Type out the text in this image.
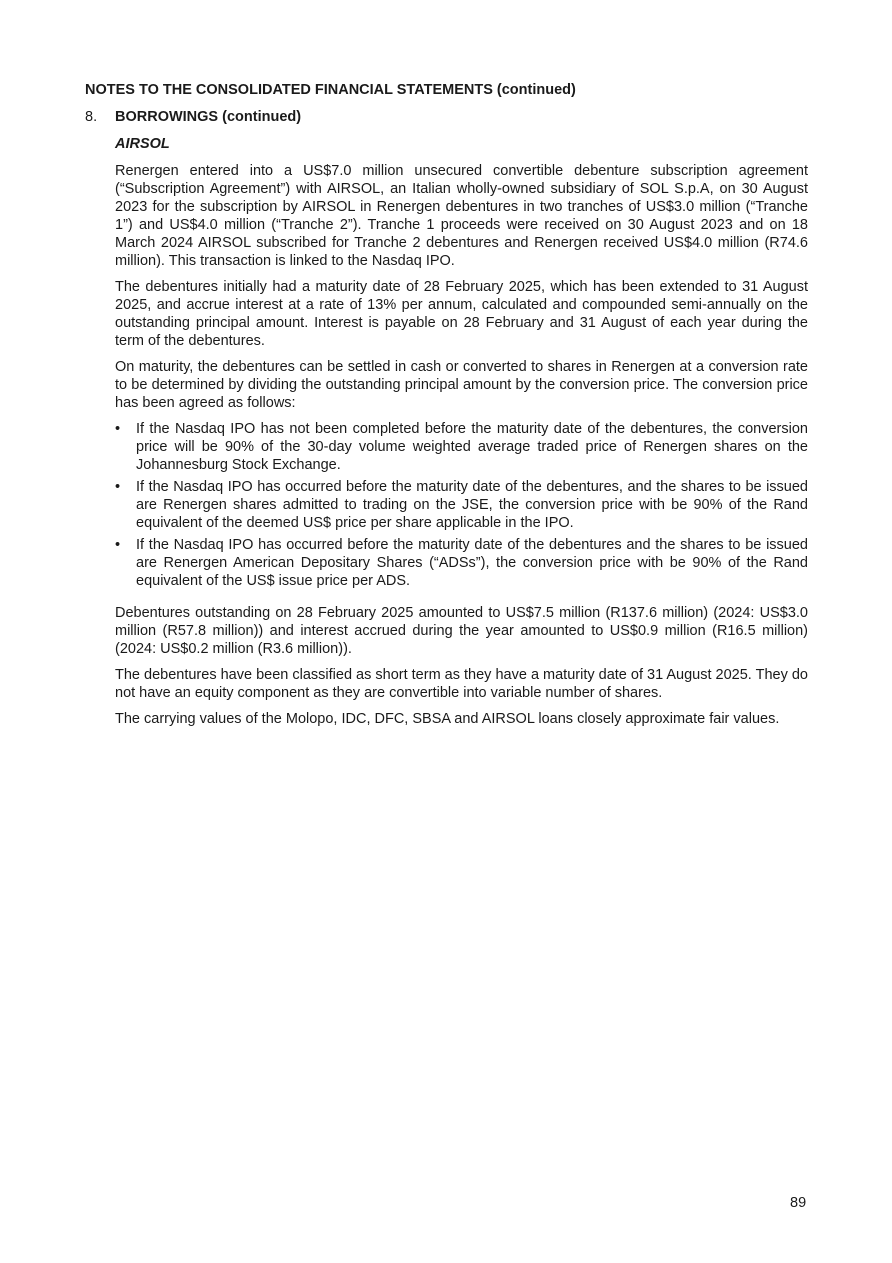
NOTES TO THE CONSOLIDATED FINANCIAL STATEMENTS (continued)
8. BORROWINGS (continued)
AIRSOL

Renergen entered into a US$7.0 million unsecured convertible debenture subscription agreement (“Subscription Agreement”) with AIRSOL, an Italian wholly-owned subsidiary of SOL S.p.A, on 30 August 2023 for the subscription by AIRSOL in Renergen debentures in two tranches of US$3.0 million (“Tranche 1”) and US$4.0 million (“Tranche 2”). Tranche 1 proceeds were received on 30 August 2023 and on 18 March 2024 AIRSOL subscribed for Tranche 2 debentures and Renergen received US$4.0 million (R74.6 million). This transaction is linked to the Nasdaq IPO.

The debentures initially had a maturity date of 28 February 2025, which has been extended to 31 August 2025, and accrue interest at a rate of 13% per annum, calculated and compounded semi-annually on the outstanding principal amount. Interest is payable on 28 February and 31 August of each year during the term of the debentures.

On maturity, the debentures can be settled in cash or converted to shares in Renergen at a conversion rate to be determined by dividing the outstanding principal amount by the conversion price. The conversion price has been agreed as follows:

• If the Nasdaq IPO has not been completed before the maturity date of the debentures, the conversion price will be 90% of the 30-day volume weighted average traded price of Renergen shares on the Johannesburg Stock Exchange.
• If the Nasdaq IPO has occurred before the maturity date of the debentures, and the shares to be issued are Renergen shares admitted to trading on the JSE, the conversion price with be 90% of the Rand equivalent of the deemed US$ price per share applicable in the IPO.
• If the Nasdaq IPO has occurred before the maturity date of the debentures and the shares to be issued are Renergen American Depositary Shares (“ADSs”), the conversion price with be 90% of the Rand equivalent of the US$ issue price per ADS.

Debentures outstanding on 28 February 2025 amounted to US$7.5 million (R137.6 million) (2024: US$3.0 million (R57.8 million)) and interest accrued during the year amounted to US$0.9 million (R16.5 million) (2024: US$0.2 million (R3.6 million)).

The debentures have been classified as short term as they have a maturity date of 31 August 2025. They do not have an equity component as they are convertible into variable number of shares.

The carrying values of the Molopo, IDC, DFC, SBSA and AIRSOL loans closely approximate fair values.

89
